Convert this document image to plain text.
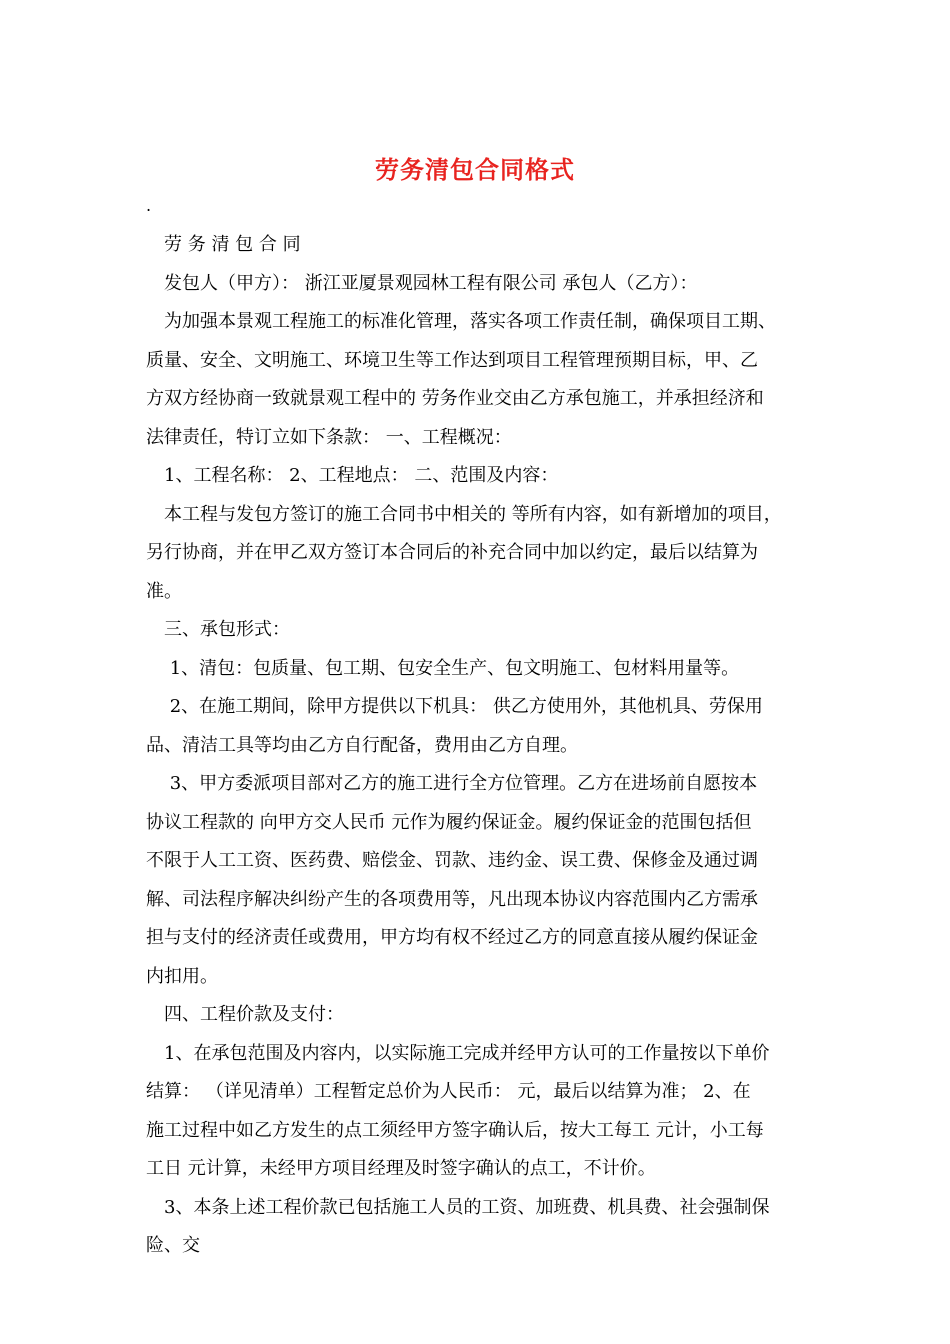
劳务清包合同格式
.
　劳 务 清 包 合 同
　发包人（甲方）： 浙江亚厦景观园林工程有限公司 承包人（乙方）：
　为加强本景观工程施工的标准化管理，落实各项工作责任制，确保项目工期、
质量、安全、文明施工、环境卫生等工作达到项目工程管理预期目标，甲、乙
方双方经协商一致就景观工程中的 劳务作业交由乙方承包施工，并承担经济和
法律责任，特订立如下条款： 一、工程概况：
　1、工程名称： 2、工程地点： 二、范围及内容：
　本工程与发包方签订的施工合同书中相关的 等所有内容，如有新增加的项目，
另行协商，并在甲乙双方签订本合同后的补充合同中加以约定，最后以结算为
准。
　三、承包形式：
　 1、清包：包质量、包工期、包安全生产、包文明施工、包材料用量等。
　 2、在施工期间，除甲方提供以下机具： 供乙方使用外，其他机具、劳保用
品、清洁工具等均由乙方自行配备，费用由乙方自理。
　 3、甲方委派项目部对乙方的施工进行全方位管理。乙方在进场前自愿按本
协议工程款的 向甲方交人民币 元作为履约保证金。履约保证金的范围包括但
不限于人工工资、医药费、赔偿金、罚款、违约金、误工费、保修金及通过调
解、司法程序解决纠纷产生的各项费用等，凡出现本协议内容范围内乙方需承
担与支付的经济责任或费用，甲方均有权不经过乙方的同意直接从履约保证金
内扣用。
　四、工程价款及支付：
　1、在承包范围及内容内，以实际施工完成并经甲方认可的工作量按以下单价
结算： （详见清单）工程暂定总价为人民币： 元，最后以结算为准； 2、在
施工过程中如乙方发生的点工须经甲方签字确认后，按大工每工 元计，小工每
工日 元计算，未经甲方项目经理及时签字确认的点工，不计价。
　3、本条上述工程价款已包括施工人员的工资、加班费、机具费、社会强制保
险、交
